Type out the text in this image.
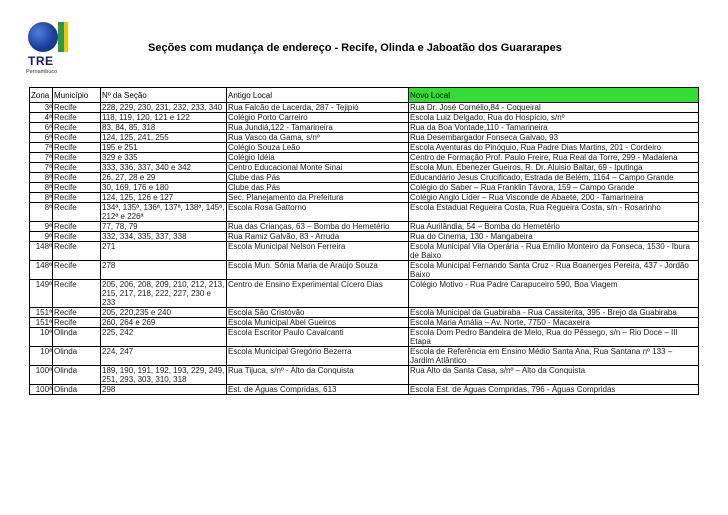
TRE
Pernambuco
Seções com mudança de endereço - Recife, Olinda e Jaboatão dos Guararapes
Zona	Município	Nº da Seção	Antigo Local	Novo Local
3ª	Recife	228, 229, 230, 231, 232, 233, 340	Rua Falcão de Lacerda, 287 - Tejipió	Rua Dr. José Cornélio,84 - Coqueiral
4ª	Recife	118, 119, 120, 121 e 122	Colégio Porto Carreiro	Escola Luiz Delgado, Rua do Hospício, s/nº
6ª	Recife	83, 84, 85, 318	Rua Jundiá,122 - Tamarineira	Rua da Boa Vontade,110 - Tamarineira
6ª	Recife	124, 125, 241, 255	Rua Vasco da Gama, s/nº	Rua Desembargador Fonseca Galvao, 93
7ª	Recife	195 e 251	Colégio Souza Leão	Escola Aventuras do Pinóquio, Rua Padre Dias Martins, 201 - Cordeiro
7ª	Recife	329 e 335	Colégio Idéia	Centro de Formação Prof. Paulo Freire, Rua Real da Torre, 299 - Madalena
7ª	Recife	333, 336, 337, 340 e 342	Centro Educacional Monte Sinai	Escola Mun. Ebenezer Gueiros, R. Dr. Aluisio Baltar, 69 - Iputinga
8ª	Recife	26, 27, 28 e 29	Clube das Pás	Educandário Jesus Crucificado, Estrada de Belém, 1164 – Campo Grande
8ª	Recife	30, 169, 176 e 180	Clube das Pás	Colégio do Saber – Rua Franklin Távora, 159 – Campo Grande
8ª	Recife	124, 125, 126 e 127	Sec. Planejamento da Prefeitura	Colégio Anglo Líder – Rua Visconde de Abaeté, 200 - Tamarineira
8ª	Recife	134ª, 135ª, 136ª, 137ª, 138ª, 145ª, 212ª e 226ª	Escola Rosa Gattorno	Escola Estadual Regueira Costa, Rua Regueira Costa, s/n - Rosarinho
9ª	Recife	77, 78, 79	Rua das Crianças, 63 – Bomba do Hemetério	Rua Aurilândia, 54 – Bomba do Hemetério
9ª	Recife	332, 334, 335, 337, 338	Rua Ramiz Galvão, 83 - Arruda	Rua do Cinema, 130 - Mangabeira
148ª	Recife	271	Escola Municipal Nelson Ferreira	Escola Municipal Vila Operária - Rua Emílio Monteiro da Fonseca, 1530 - Ibura de Baixo
148ª	Recife	278	Escola Mun. Sônia Maria de Araújo Souza	Escola Municipal Fernando Santa Cruz - Rua Boanerges Pereira, 437 - Jordão Baixo
149ª	Recife	205, 206, 208, 209, 210, 212, 213, 215, 217, 218, 222, 227, 230 e 233	Centro de Ensino Experimental Cícero Dias	Colégio Motivo - Rua Padre Carapuceiro 590, Boa Viagem
151ª	Recife	205, 220,235 e 240	Escola São Cristóvão	Escola Municipal da Guabiraba - Rua Cassiterita, 395 - Brejo da Guabiraba
151ª	Recife	260, 264 e 269	Escola Municipal Abel Gueiros	Escola Maria Amália – Av. Norte, 7750 - Macaxeira
10ª	Olinda	225, 242	Escola Escritor Paulo Cavalcanti	Escola Dom Pedro Bandeira de Melo, Rua do Pêssego, s/n – Rio Doce – III Etapa
10ª	Olinda	224, 247	Escola Municipal Gregório Bezerra	Escola de Referência em Ensino Médio Santa Ana, Rua Santana nº 133 – Jardim Atlântico
100ª	Olinda	189, 190, 191, 192, 193, 229, 249, 251, 293, 303, 310, 318	Rua Tijuca, s/nº - Alto da Conquista	Rua Alto da Santa Casa, s/nº – Alto da Conquista
100ª	Olinda	298	Est. de Águas Compridas, 613	Escola Est. de Águas Compridas, 796 - Águas Compridas
